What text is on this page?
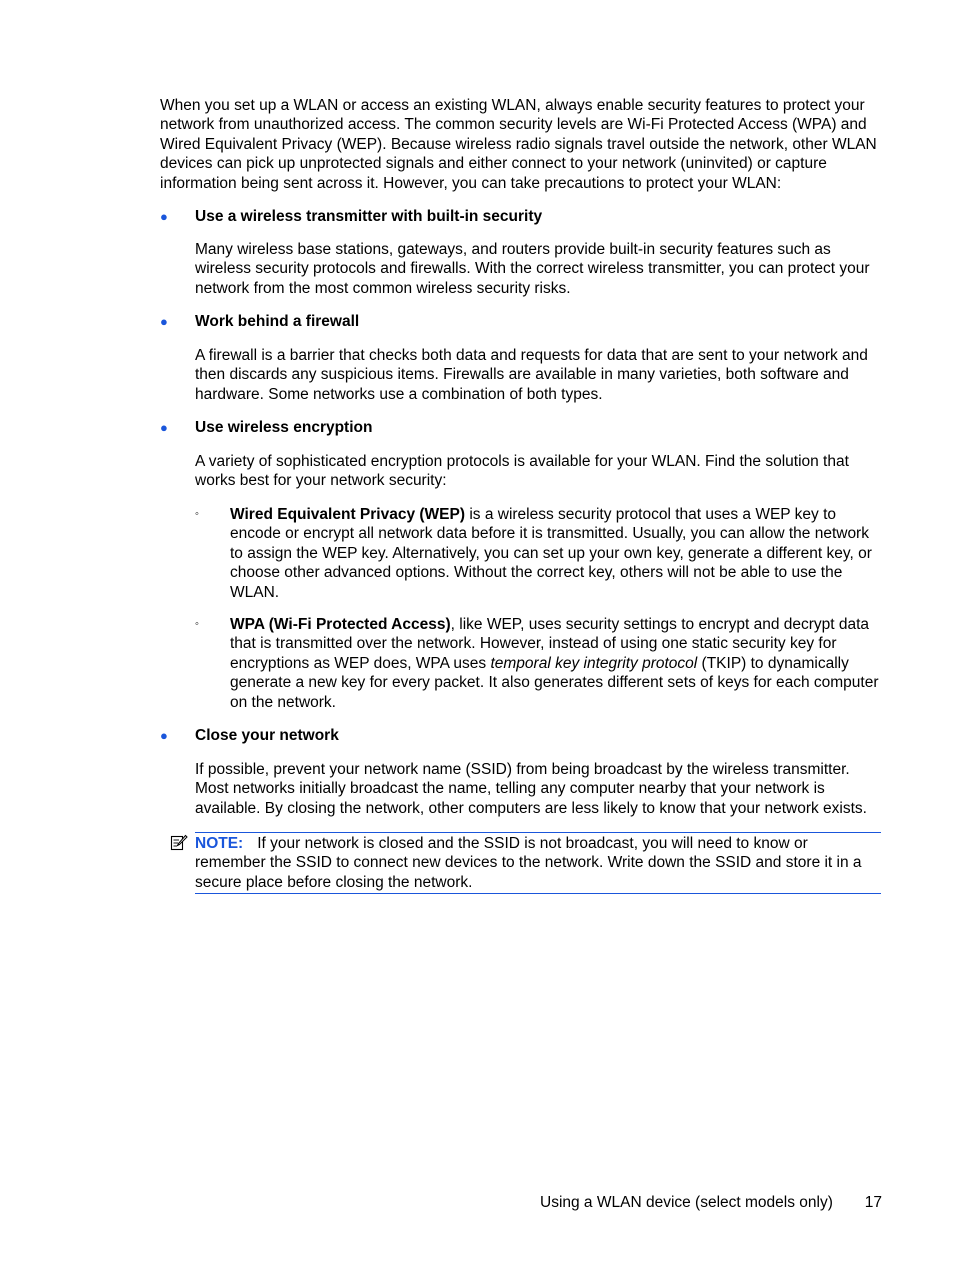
When you set up a WLAN or access an existing WLAN, always enable security features to protect your network from unauthorized access. The common security levels are Wi-Fi Protected Access (WPA) and Wired Equivalent Privacy (WEP). Because wireless radio signals travel outside the network, other WLAN devices can pick up unprotected signals and either connect to your network (uninvited) or capture information being sent across it. However, you can take precautions to protect your WLAN:

● Use a wireless transmitter with built-in security

Many wireless base stations, gateways, and routers provide built-in security features such as wireless security protocols and firewalls. With the correct wireless transmitter, you can protect your network from the most common wireless security risks.

● Work behind a firewall

A firewall is a barrier that checks both data and requests for data that are sent to your network and then discards any suspicious items. Firewalls are available in many varieties, both software and hardware. Some networks use a combination of both types.

● Use wireless encryption

A variety of sophisticated encryption protocols is available for your WLAN. Find the solution that works best for your network security:

◦ Wired Equivalent Privacy (WEP) is a wireless security protocol that uses a WEP key to encode or encrypt all network data before it is transmitted. Usually, you can allow the network to assign the WEP key. Alternatively, you can set up your own key, generate a different key, or choose other advanced options. Without the correct key, others will not be able to use the WLAN.

◦ WPA (Wi-Fi Protected Access), like WEP, uses security settings to encrypt and decrypt data that is transmitted over the network. However, instead of using one static security key for encryptions as WEP does, WPA uses temporal key integrity protocol (TKIP) to dynamically generate a new key for every packet. It also generates different sets of keys for each computer on the network.

● Close your network

If possible, prevent your network name (SSID) from being broadcast by the wireless transmitter. Most networks initially broadcast the name, telling any computer nearby that your network is available. By closing the network, other computers are less likely to know that your network exists.

NOTE: If your network is closed and the SSID is not broadcast, you will need to know or remember the SSID to connect new devices to the network. Write down the SSID and store it in a secure place before closing the network.
Using a WLAN device (select models only) 17
